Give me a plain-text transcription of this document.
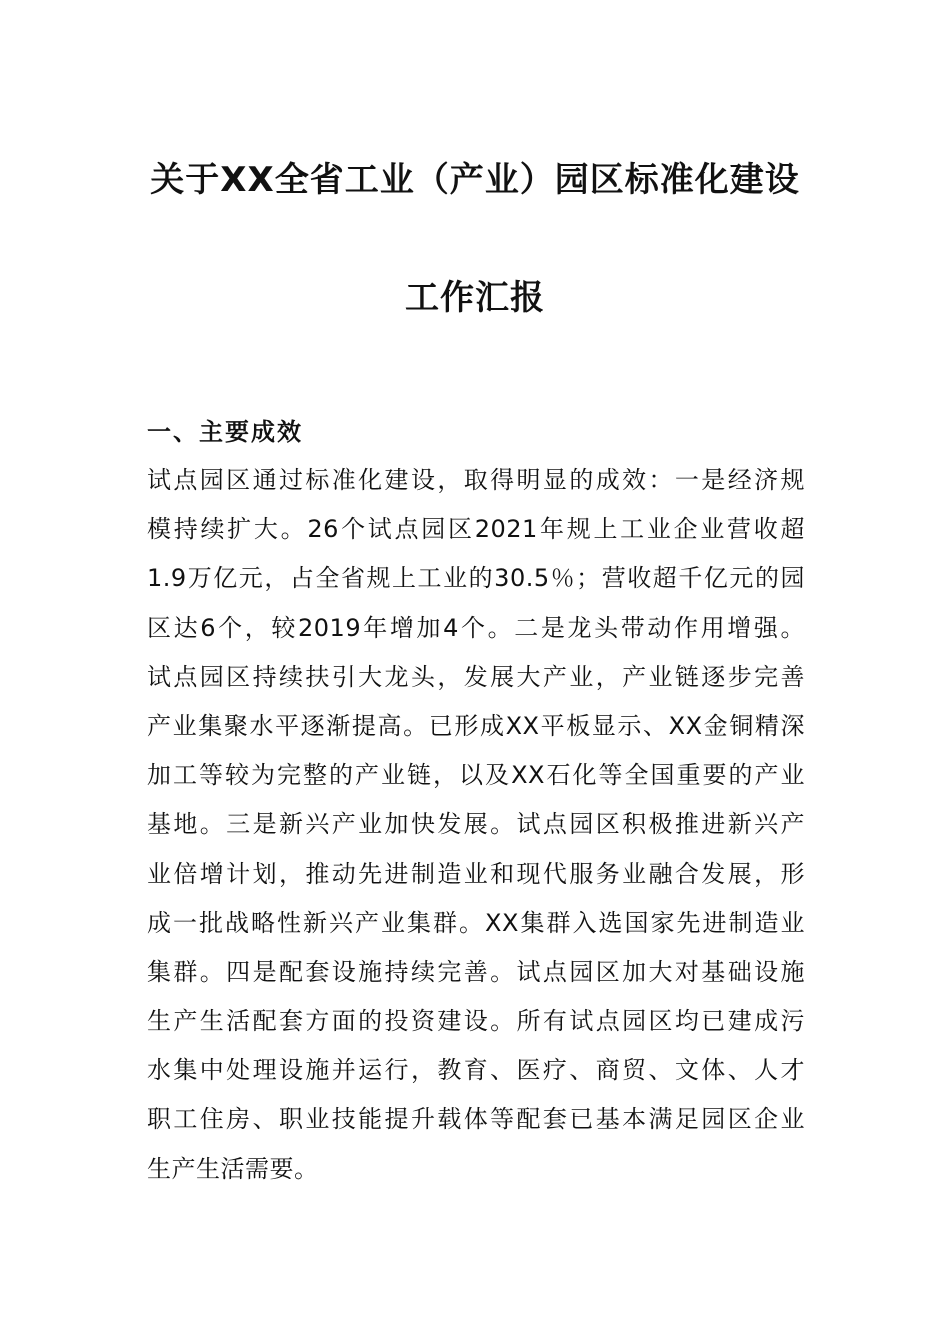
关于XX全省工业（产业）园区标准化建设
工作汇报
一、主要成效
试点园区通过标准化建设，取得明显的成效：一是经济规
模持续扩大。26个试点园区2021年规上工业企业营收超
1.9万亿元，占全省规上工业的30.5％；营收超千亿元的园
区达6个，较2019年增加4个。二是龙头带动作用增强。
试点园区持续扶引大龙头，发展大产业，产业链逐步完善
产业集聚水平逐渐提高。已形成XX平板显示、XX金铜精深
加工等较为完整的产业链，以及XX石化等全国重要的产业
基地。三是新兴产业加快发展。试点园区积极推进新兴产
业倍增计划，推动先进制造业和现代服务业融合发展，形
成一批战略性新兴产业集群。XX集群入选国家先进制造业
集群。四是配套设施持续完善。试点园区加大对基础设施
生产生活配套方面的投资建设。所有试点园区均已建成污
水集中处理设施并运行，教育、医疗、商贸、文体、人才
职工住房、职业技能提升载体等配套已基本满足园区企业
生产生活需要。
